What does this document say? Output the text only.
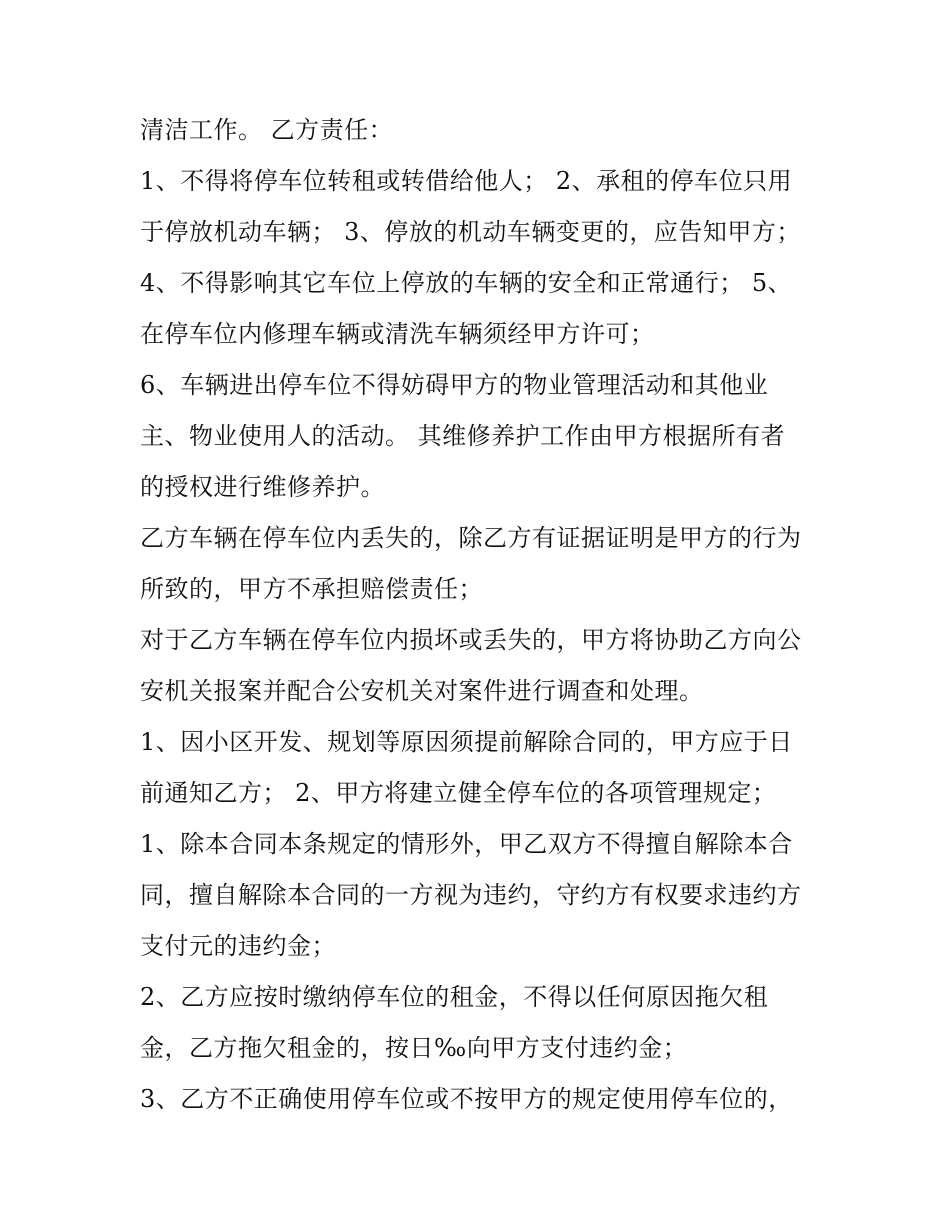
清洁工作。 乙方责任：
1、不得将停车位转租或转借给他人； 2、承租的停车位只用
于停放机动车辆； 3、停放的机动车辆变更的，应告知甲方；
4、不得影响其它车位上停放的车辆的安全和正常通行； 5、
在停车位内修理车辆或清洗车辆须经甲方许可；
6、车辆进出停车位不得妨碍甲方的物业管理活动和其他业
主、物业使用人的活动。 其维修养护工作由甲方根据所有者
的授权进行维修养护。
乙方车辆在停车位内丢失的，除乙方有证据证明是甲方的行为
所致的，甲方不承担赔偿责任；
对于乙方车辆在停车位内损坏或丢失的，甲方将协助乙方向公
安机关报案并配合公安机关对案件进行调查和处理。
1、因小区开发、规划等原因须提前解除合同的，甲方应于日
前通知乙方； 2、甲方将建立健全停车位的各项管理规定；
1、除本合同本条规定的情形外，甲乙双方不得擅自解除本合
同，擅自解除本合同的一方视为违约，守约方有权要求违约方
支付元的违约金；
2、乙方应按时缴纳停车位的租金，不得以任何原因拖欠租
金，乙方拖欠租金的，按日‰向甲方支付违约金；
3、乙方不正确使用停车位或不按甲方的规定使用停车位的，
